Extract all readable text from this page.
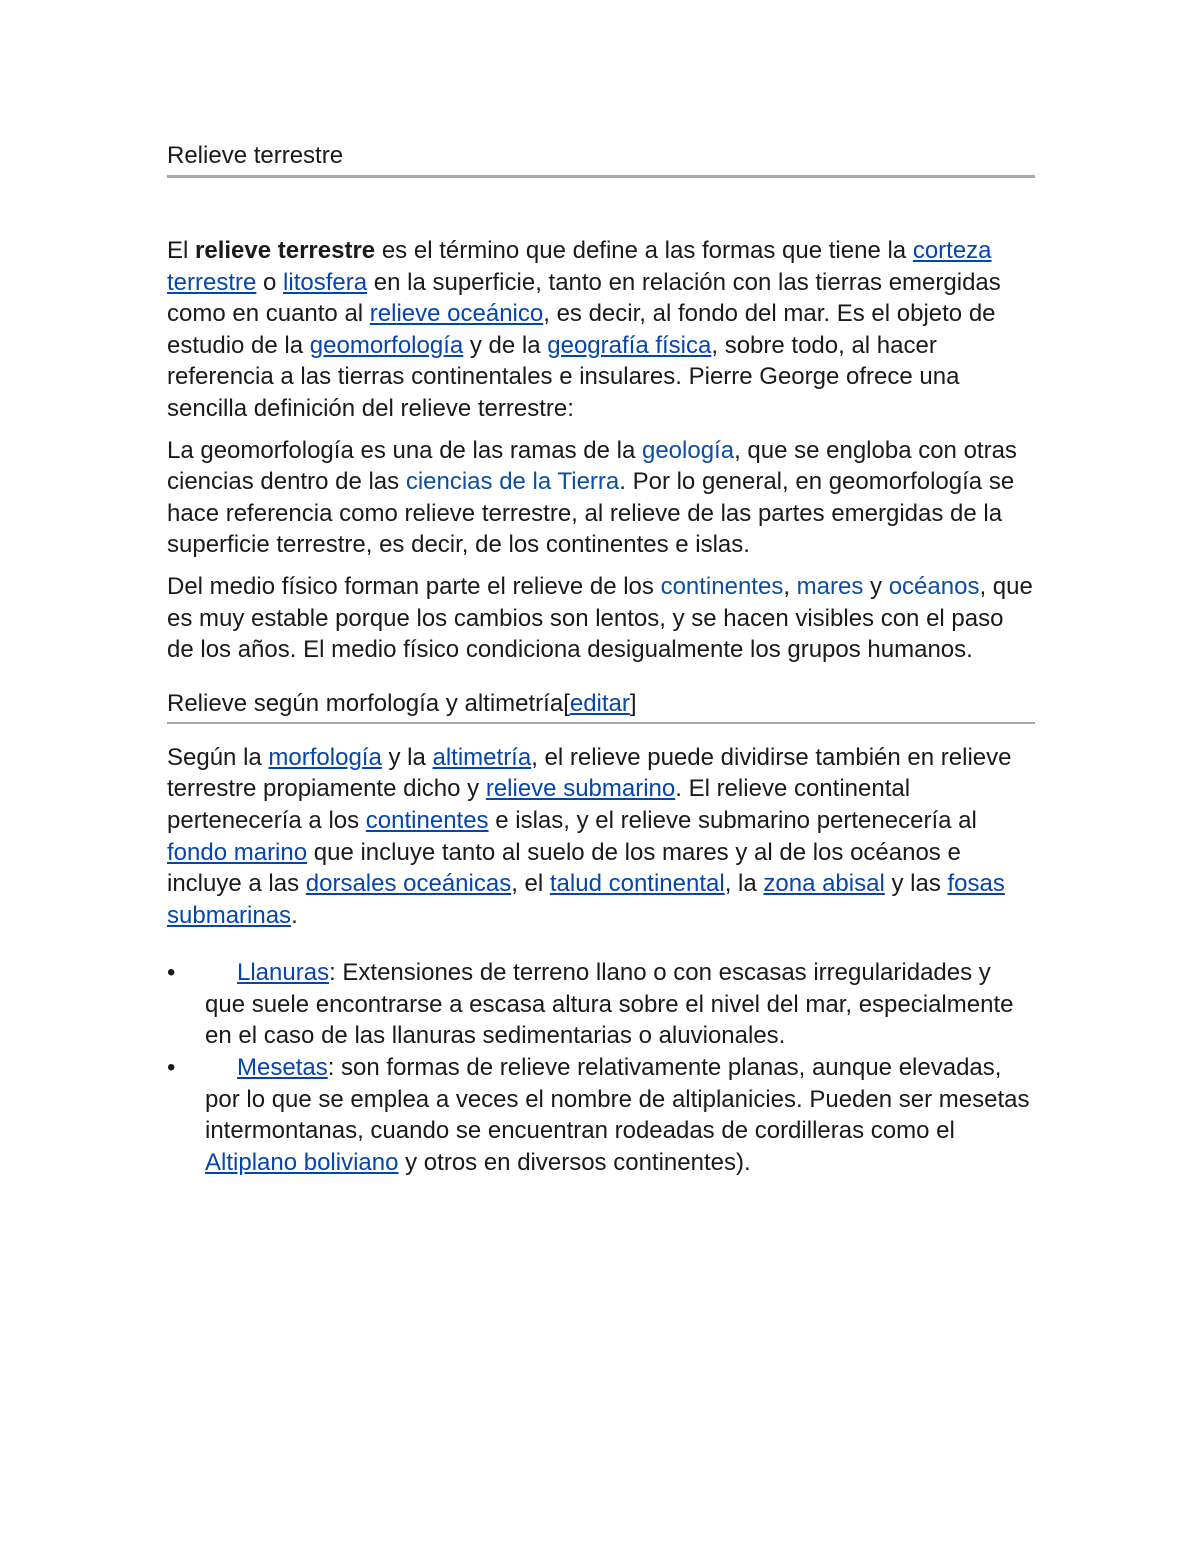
Relieve terrestre

El relieve terrestre es el término que define a las formas que tiene la corteza terrestre o litosfera en la superficie, tanto en relación con las tierras emergidas como en cuanto al relieve oceánico, es decir, al fondo del mar. Es el objeto de estudio de la geomorfología y de la geografía física, sobre todo, al hacer referencia a las tierras continentales e insulares. Pierre George ofrece una sencilla definición del relieve terrestre:

La geomorfología es una de las ramas de la geología, que se engloba con otras ciencias dentro de las ciencias de la Tierra. Por lo general, en geomorfología se hace referencia como relieve terrestre, al relieve de las partes emergidas de la superficie terrestre, es decir, de los continentes e islas.

Del medio físico forman parte el relieve de los continentes, mares y océanos, que es muy estable porque los cambios son lentos, y se hacen visibles con el paso de los años. El medio físico condiciona desigualmente los grupos humanos.

Relieve según morfología y altimetría[editar]

Según la morfología y la altimetría, el relieve puede dividirse también en relieve terrestre propiamente dicho y relieve submarino. El relieve continental pertenecería a los continentes e islas, y el relieve submarino pertenecería al fondo marino que incluye tanto al suelo de los mares y al de los océanos e incluye a las dorsales oceánicas, el talud continental, la zona abisal y las fosas submarinas.

•	Llanuras: Extensiones de terreno llano o con escasas irregularidades y que suele encontrarse a escasa altura sobre el nivel del mar, especialmente en el caso de las llanuras sedimentarias o aluvionales.
•	Mesetas: son formas de relieve relativamente planas, aunque elevadas, por lo que se emplea a veces el nombre de altiplanicies. Pueden ser mesetas intermontanas, cuando se encuentran rodeadas de cordilleras como el Altiplano boliviano y otros en diversos continentes).
